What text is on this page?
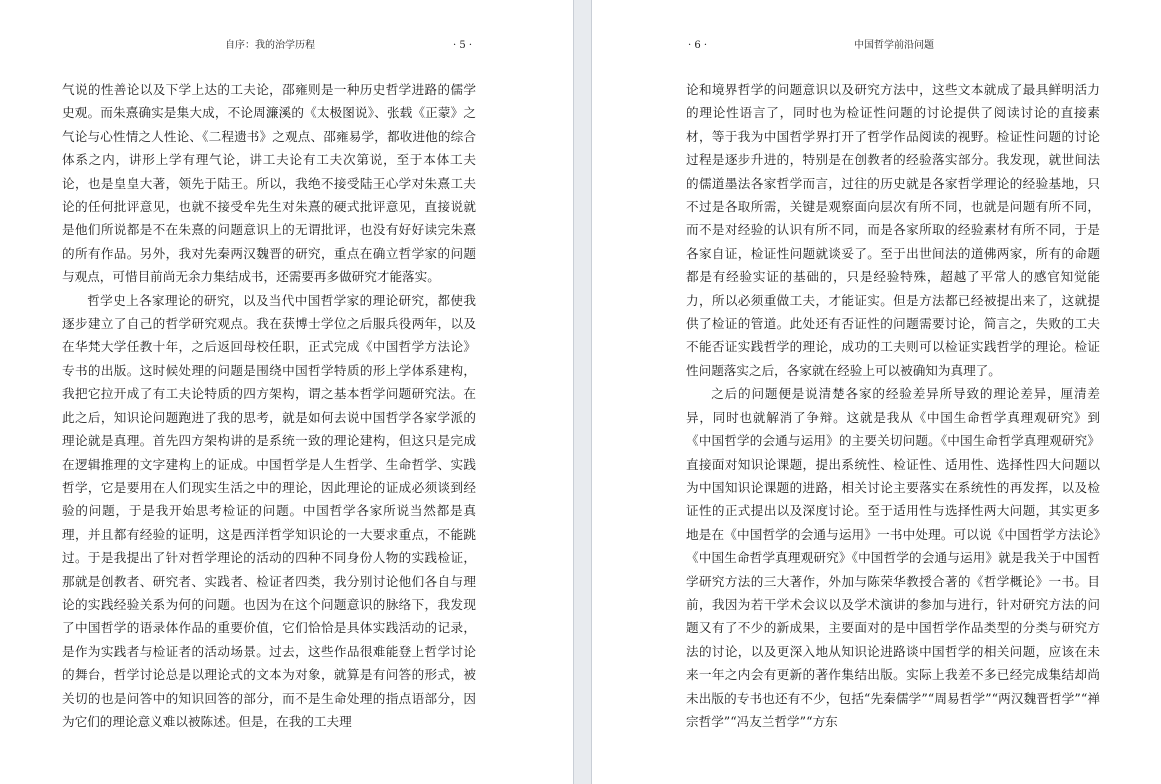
自序：我的治学历程	· 5 ·

气说的性善论以及下学上达的工夫论，邵雍则是一种历史哲学进路的儒学史观。而朱熹确实是集大成，不论周濂溪的《太极图说》、张载《正蒙》之气论与心性情之人性论、《二程遗书》之观点、邵雍易学，都收进他的综合体系之内，讲形上学有理气论，讲工夫论有工夫次第说，至于本体工夫论，也是皇皇大著，领先于陆王。所以，我绝不接受陆王心学对朱熹工夫论的任何批评意见，也就不接受牟先生对朱熹的硬式批评意见，直接说就是他们所说都是不在朱熹的问题意识上的无谓批评，也没有好好读完朱熹的所有作品。另外，我对先秦两汉魏晋的研究，重点在确立哲学家的问题与观点，可惜目前尚无余力集结成书，还需要再多做研究才能落实。

哲学史上各家理论的研究，以及当代中国哲学家的理论研究，都使我逐步建立了自己的哲学研究观点。我在获博士学位之后服兵役两年，以及在华梵大学任教十年，之后返回母校任职，正式完成《中国哲学方法论》专书的出版。这时候处理的问题是围绕中国哲学特质的形上学体系建构，我把它拉开成了有工夫论特质的四方架构，谓之基本哲学问题研究法。在此之后，知识论问题跑进了我的思考，就是如何去说中国哲学各家学派的理论就是真理。首先四方架构讲的是系统一致的理论建构，但这只是完成在逻辑推理的文字建构上的证成。中国哲学是人生哲学、生命哲学、实践哲学，它是要用在人们现实生活之中的理论，因此理论的证成必须谈到经验的问题，于是我开始思考检证的问题。中国哲学各家所说当然都是真理，并且都有经验的证明，这是西洋哲学知识论的一大要求重点，不能跳过。于是我提出了针对哲学理论的活动的四种不同身份人物的实践检证，那就是创教者、研究者、实践者、检证者四类，我分别讨论他们各自与理论的实践经验关系为何的问题。也因为在这个问题意识的脉络下，我发现了中国哲学的语录体作品的重要价值，它们恰恰是具体实践活动的记录，是作为实践者与检证者的活动场景。过去，这些作品很难能登上哲学讨论的舞台，哲学讨论总是以理论式的文本为对象，就算是有问答的形式，被关切的也是问答中的知识回答的部分，而不是生命处理的指点语部分，因为它们的理论意义难以被陈述。但是，在我的工夫理

· 6 ·	中国哲学前沿问题

论和境界哲学的问题意识以及研究方法中，这些文本就成了最具鲜明活力的理论性语言了，同时也为检证性问题的讨论提供了阅读讨论的直接素材，等于我为中国哲学界打开了哲学作品阅读的视野。检证性问题的讨论过程是逐步升进的，特别是在创教者的经验落实部分。我发现，就世间法的儒道墨法各家哲学而言，过往的历史就是各家哲学理论的经验基地，只不过是各取所需，关键是观察面向层次有所不同，也就是问题有所不同，而不是对经验的认识有所不同，而是各家所取的经验素材有所不同，于是各家自证，检证性问题就谈妥了。至于出世间法的道佛两家，所有的命题都是有经验实证的基础的，只是经验特殊，超越了平常人的感官知觉能力，所以必须重做工夫，才能证实。但是方法都已经被提出来了，这就提供了检证的管道。此处还有否证性的问题需要讨论，简言之，失败的工夫不能否证实践哲学的理论，成功的工夫则可以检证实践哲学的理论。检证性问题落实之后，各家就在经验上可以被确知为真理了。

之后的问题便是说清楚各家的经验差异所导致的理论差异，厘清差异，同时也就解消了争辩。这就是我从《中国生命哲学真理观研究》到《中国哲学的会通与运用》的主要关切问题。《中国生命哲学真理观研究》直接面对知识论课题，提出系统性、检证性、适用性、选择性四大问题以为中国知识论课题的进路，相关讨论主要落实在系统性的再发挥，以及检证性的正式提出以及深度讨论。至于适用性与选择性两大问题，其实更多地是在《中国哲学的会通与运用》一书中处理。可以说《中国哲学方法论》《中国生命哲学真理观研究》《中国哲学的会通与运用》就是我关于中国哲学研究方法的三大著作，外加与陈荣华教授合著的《哲学概论》一书。目前，我因为若干学术会议以及学术演讲的参加与进行，针对研究方法的问题又有了不少的新成果，主要面对的是中国哲学作品类型的分类与研究方法的讨论，以及更深入地从知识论进路谈中国哲学的相关问题，应该在未来一年之内会有更新的著作集结出版。实际上我差不多已经完成集结却尚未出版的专书也还有不少，包括“先秦儒学”“周易哲学”“两汉魏晋哲学”“禅宗哲学”“冯友兰哲学”“方东
